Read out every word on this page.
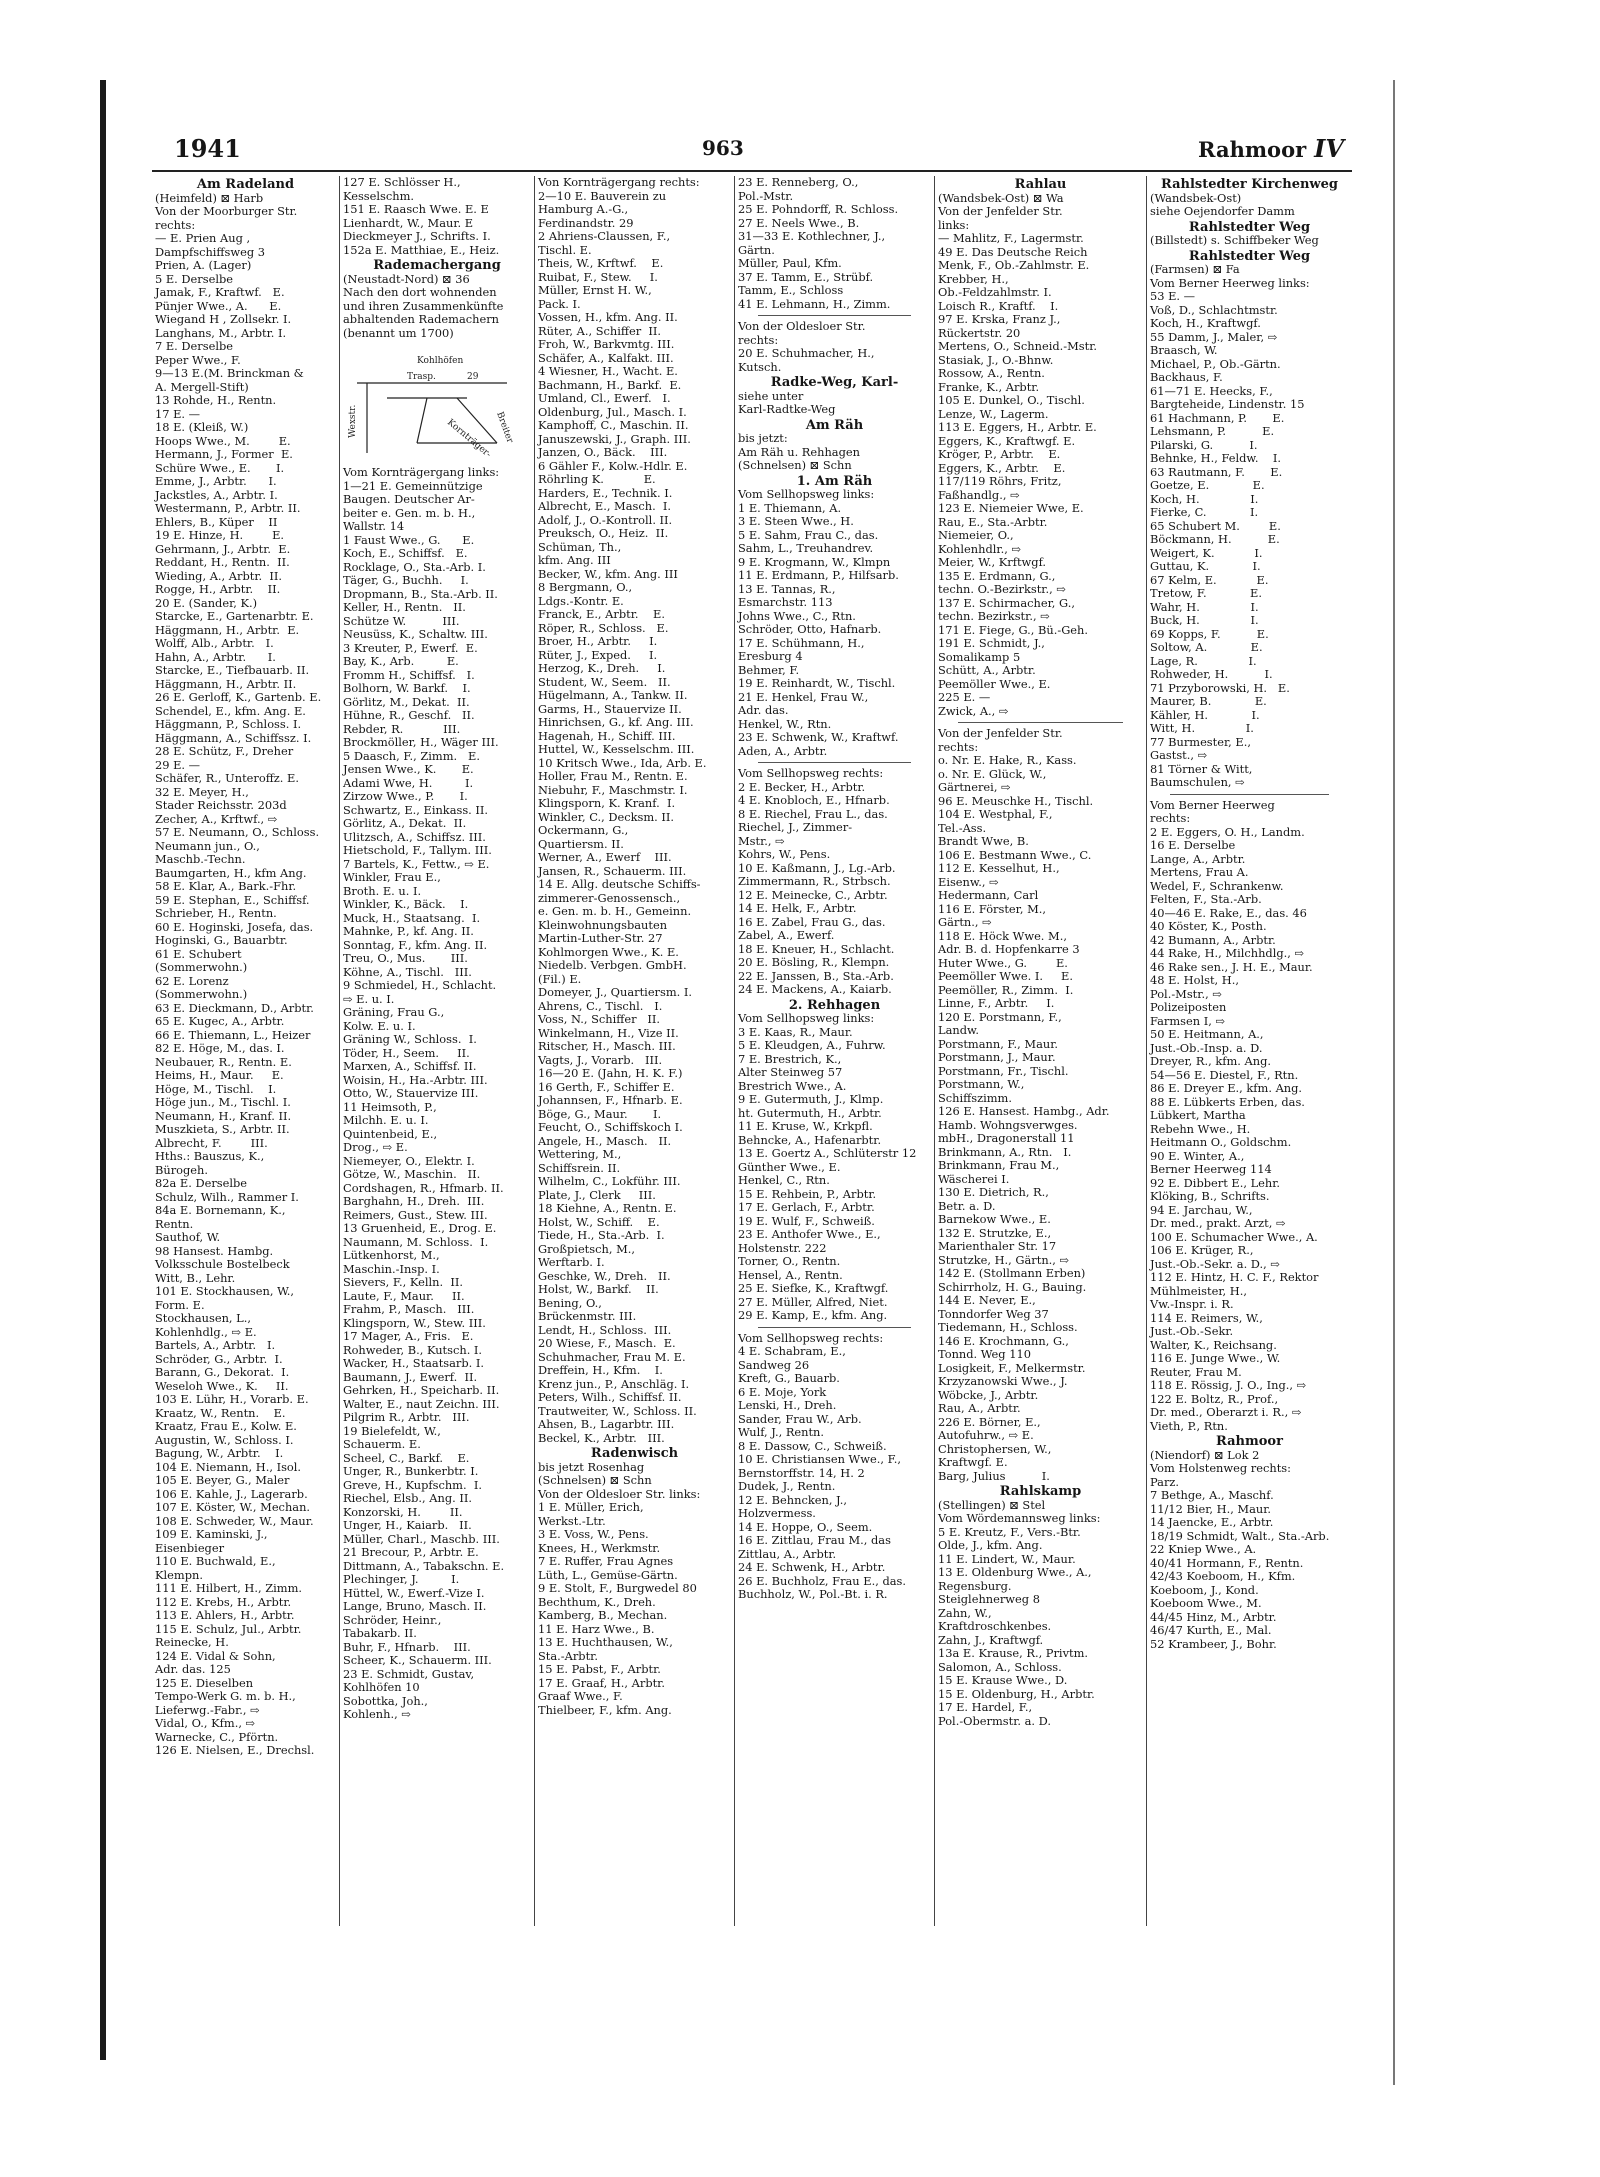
1941	963	Rahmoor IV
Am Radeland
(Heimfeld) ⊠ Harb
Von der Moorburger Str.
rechts:
— E. Prien Aug ,
Dampfschiffsweg 3
Prien, A. (Lager)
5 E. Derselbe
Jamak, F., Kraftwf.   E.
Pünjer Wwe., A.      E.
Wiegand H , Zollsekr. I.
Langhans, M., Arbtr. I.
7 E. Derselbe
Peper Wwe., F.
9—13 E.(M. Brinckman &
A. Mergell-Stift)
13 Rohde, H., Rentn.
17 E. —
18 E. (Kleiß, W.)
Hoops Wwe., M.        E.
Hermann, J., Former  E.
Schüre Wwe., E.       I.
Emme, J., Arbtr.      I.
Jackstles, A., Arbtr. I.
Westermann, P., Arbtr. II.
Ehlers, B., Küper    II
19 E. Hinze, H.        E.
Gehrmann, J., Arbtr.  E.
Reddant, H., Rentn.  II.
Wieding, A., Arbtr.  II.
Rogge, H., Arbtr.    II.
20 E. (Sander, K.)
Starcke, E., Gartenarbtr. E.
Häggmann, H., Arbtr.  E.
Wolff, Alb., Arbtr.   I.
Hahn, A., Arbtr.      I.
Starcke, E., Tiefbauarb. II.
Häggmann, H., Arbtr. II.
26 E. Gerloff, K., Gartenb. E.
Schendel, E., kfm. Ang. E.
Häggmann, P., Schloss. I.
Häggmann, A., Schiffssz. I.
28 E. Schütz, F., Dreher
29 E. —
Schäfer, R., Unteroffz. E.
32 E. Meyer, H.,
Stader Reichsstr. 203d
Zecher, A., Krftwf., ⇨
57 E. Neumann, O., Schloss.
Neumann jun., O.,
Maschb.-Techn.
Baumgarten, H., kfm Ang.
58 E. Klar, A., Bark.-Fhr.
59 E. Stephan, E., Schiffsf.
Schrieber, H., Rentn.
60 E. Hoginski, Josefa, das.
Hoginski, G., Bauarbtr.
61 E. Schubert
(Sommerwohn.)
62 E. Lorenz
(Sommerwohn.)
63 E. Dieckmann, D., Arbtr.
65 E. Kugec, A., Arbtr.
66 E. Thiemann, L., Heizer
82 E. Höge, M., das. I.
Neubauer, R., Rentn. E.
Heims, H., Maur.     E.
Höge, M., Tischl.    I.
Höge jun., M., Tischl. I.
Neumann, H., Kranf. II.
Muszkieta, S., Arbtr. II.
Albrecht, F.        III.
Hths.: Bauszus, K.,
Bürogeh.
82a E. Derselbe
Schulz, Wilh., Rammer I.
84a E. Bornemann, K.,
Rentn.
Sauthof, W.
98 Hansest. Hambg.
Volksschule Bostelbeck
Witt, B., Lehr.
101 E. Stockhausen, W.,
Form. E.
Stockhausen, L.,
Kohlenhdlg., ⇨ E.
Bartels, A., Arbtr.   I.
Schröder, G., Arbtr.  I.
Barann, G., Dekorat.  I.
Weseloh Wwe., K.     II.
103 E. Lühr, H., Vorarb. E.
Kraatz, W., Rentn.    E.
Kraatz, Frau E., Kolw. E.
Augustin, W., Schloss. I.
Bagung, W., Arbtr.    I.
104 E. Niemann, H., Isol.
105 E. Beyer, G., Maler
106 E. Kahle, J., Lagerarb.
107 E. Köster, W., Mechan.
108 E. Schweder, W., Maur.
109 E. Kaminski, J.,
Eisenbieger
110 E. Buchwald, E.,
Klempn.
111 E. Hilbert, H., Zimm.
112 E. Krebs, H., Arbtr.
113 E. Ahlers, H., Arbtr.
115 E. Schulz, Jul., Arbtr.
Reinecke, H.
124 E. Vidal & Sohn,
Adr. das. 125
125 E. Dieselben
Tempo-Werk G. m. b. H.,
Lieferwg.-Fabr., ⇨
Vidal, O., Kfm., ⇨
Warnecke, C., Pförtn.
126 E. Nielsen, E., Drechsl.
127 E. Schlösser H.,
Kesselschm.
151 E. Raasch Wwe. E. E
Lienhardt, W., Maur. E
Dieckmeyer J., Schrifts. I.
152a E. Matthiae, E., Heiz.
Rademachergang
(Neustadt-Nord) ⊠ 36
Nach den dort wohnenden
und ihren Zusammenkünfte
abhaltenden Rademachern
(benannt um 1700)
Kohlhöfen
Trasp.	29
Kornträger-
Wexstr.	Breiter
Vom Kornträgergang links:
1—21 E. Gemeinnützige
Baugen. Deutscher Ar-
beiter e. Gen. m. b. H.,
Wallstr. 14
1 Faust Wwe., G.      E.
Koch, E., Schiffsf.   E.
Rocklage, O., Sta.-Arb. I.
Täger, G., Buchh.     I.
Dropmann, B., Sta.-Arb. II.
Keller, H., Rentn.   II.
Schütze W.          III.
Neusüss, K., Schaltw. III.
3 Kreuter, P., Ewerf.  E.
Bay, K., Arb.         E.
Fromm H., Schiffsf.   I.
Bolhorn, W. Barkf.    I.
Görlitz, M., Dekat.  II.
Hühne, R., Geschf.   II.
Rebder, R.           III.
Brockmöller, H., Wäger III.
5 Daasch, F., Zimm.   E.
Jensen Wwe., K.       E.
Adami Wwe, H.         I.
Zirzow Wwe., P.       I.
Schwartz, E., Einkass. II.
Görlitz, A., Dekat.  II.
Ulitzsch, A., Schiffsz. III.
Hietschold, F., Tallym. III.
7 Bartels, K., Fettw., ⇨ E.
Winkler, Frau E.,
Broth. E. u. I.
Winkler, K., Bäck.    I.
Muck, H., Staatsang.  I.
Mahnke, P., kf. Ang. II.
Sonntag, F., kfm. Ang. II.
Treu, O., Mus.       III.
Köhne, A., Tischl.   III.
9 Schmiedel, H., Schlacht.
⇨ E. u. I.
Gräning, Frau G.,
Kolw. E. u. I.
Gräning W., Schloss.  I.
Töder, H., Seem.     II.
Marxen, A., Schiffsf. II.
Woisin, H., Ha.-Arbtr. III.
Otto, W., Stauervize III.
11 Heimsoth, P.,
Milchh. E. u. I.
Quintenbeid, E.,
Drog., ⇨ E.
Niemeyer, O., Elektr. I.
Götze, W., Maschin.   II.
Cordshagen, R., Hfmarb. II.
Barghahn, H., Dreh.  III.
Reimers, Gust., Stew. III.
13 Gruenheid, E., Drog. E.
Naumann, M. Schloss.  I.
Lütkenhorst, M.,
Maschin.-Insp. I.
Sievers, F., Kelln.  II.
Laute, F., Maur.     II.
Frahm, P., Masch.   III.
Klingsporn, W., Stew. III.
17 Mager, A., Fris.   E.
Rohweder, B., Kutsch. I.
Wacker, H., Staatsarb. I.
Baumann, J., Ewerf.  II.
Gehrken, H., Speicharb. II.
Walter, E., naut Zeichn. III.
Pilgrim R., Arbtr.   III.
19 Bielefeldt, W.,
Schauerm. E.
Scheel, C., Barkf.    E.
Unger, R., Bunkerbtr. I.
Greve, H., Kupfschm.  I.
Riechel, Elsb., Ang. II.
Konzorski, H.        II.
Unger, H., Kaiarb.   II.
Müller, Charl., Maschb. III.
21 Brecour, P., Arbtr. E.
Dittmann, A., Tabakschn. E.
Plechinger, J.         I.
Hüttel, W., Ewerf.-Vize I.
Lange, Bruno, Masch. II.
Schröder, Heinr.,
Tabakarb. II.
Buhr, F., Hfnarb.    III.
Scheer, K., Schauerm. III.
23 E. Schmidt, Gustav,
Kohlhöfen 10
Sobottka, Joh.,
Kohlenh., ⇨
Von Kornträgergang rechts:
2—10 E. Bauverein zu
Hamburg A.-G.,
Ferdinandstr. 29
2 Ahriens-Claussen, F.,
Tischl. E.
Theis, W., Krftwf.    E.
Ruibat, F., Stew.     I.
Müller, Ernst H. W.,
Pack. I.
Vossen, H., kfm. Ang. II.
Rüter, A., Schiffer  II.
Froh, W., Barkvmtg. III.
Schäfer, A., Kalfakt. III.
4 Wiesner, H., Wacht. E.
Bachmann, H., Barkf.  E.
Umland, Cl., Ewerf.   I.
Oldenburg, Jul., Masch. I.
Kamphoff, C., Maschin. II.
Januszewski, J., Graph. III.
Janzen, O., Bäck.    III.
6 Gähler F., Kolw.-Hdlr. E.
Röhrling K.           E.
Harders, E., Technik. I.
Albrecht, E., Masch.  I.
Adolf, J., O.-Kontroll. II.
Preuksch, O., Heiz.  II.
Schüman, Th.,
kfm. Ang. III
Becker, W., kfm. Ang. III
8 Bergmann, O.,
Ldgs.-Kontr. E.
Franck, E., Arbtr.    E.
Röper, R., Schloss.   E.
Broer, H., Arbtr.     I.
Rüter, J., Exped.     I.
Herzog, K., Dreh.     I.
Student, W., Seem.   II.
Hügelmann, A., Tankw. II.
Garms, H., Stauervize II.
Hinrichsen, G., kf. Ang. III.
Hagenah, H., Schiff. III.
Huttel, W., Kesselschm. III.
10 Kritsch Wwe., Ida, Arb. E.
Holler, Frau M., Rentn. E.
Niebuhr, F., Maschmstr. I.
Klingsporn, K. Kranf.  I.
Winkler, C., Decksm. II.
Ockermann, G.,
Quartiersm. II.
Werner, A., Ewerf    III.
Jansen, R., Schauerm. III.
14 E. Allg. deutsche Schiffs-
zimmerer-Genossensch.,
e. Gen. m. b. H., Gemeinn.
Kleinwohnungsbauten
Martin-Luther-Str. 27
Kohlmorgen Wwe., K. E.
Niedelb. Verbgen. GmbH.
(Fil.) E.
Domeyer, J., Quartiersm. I.
Ahrens, C., Tischl.   I.
Voss, N., Schiffer   II.
Winkelmann, H., Vize II.
Ritscher, H., Masch. III.
Vagts, J., Vorarb.   III.
16—20 E. (Jahn, H. K. F.)
16 Gerth, F., Schiffer E.
Johannsen, F., Hfnarb. E.
Böge, G., Maur.       I.
Feucht, O., Schiffskoch I.
Angele, H., Masch.   II.
Wettering, M.,
Schiffsrein. II.
Wilhelm, C., Lokführ. III.
Plate, J., Clerk     III.
18 Kiehne, A., Rentn. E.
Holst, W., Schiff.    E.
Tiede, H., Sta.-Arb.  I.
Großpietsch, M.,
Werftarb. I.
Geschke, W., Dreh.   II.
Holst, W., Barkf.    II.
Bening, O.,
Brückenmstr. III.
Lendt, H., Schloss.  III.
20 Wiese, F., Masch.  E.
Schuhmacher, Frau M. E.
Dreffein, H., Kfm.    I.
Krenz jun., P., Anschläg. I.
Peters, Wilh., Schiffsf. II.
Trautweiter, W., Schloss. II.
Ahsen, B., Lagarbtr. III.
Beckel, K., Arbtr.   III.
Radenwisch
bis jetzt Rosenhag
(Schnelsen) ⊠ Schn
Von der Oldesloer Str. links:
1 E. Müller, Erich,
Werkst.-Ltr.
3 E. Voss, W., Pens.
Knees, H., Werkmstr.
7 E. Ruffer, Frau Agnes
Lüth, L., Gemüse-Gärtn.
9 E. Stolt, F., Burgwedel 80
Bechthum, K., Dreh.
Kamberg, B., Mechan.
11 E. Harz Wwe., B.
13 E. Huchthausen, W.,
Sta.-Arbtr.
15 E. Pabst, F., Arbtr.
17 E. Graaf, H., Arbtr.
Graaf Wwe., F.
Thielbeer, F., kfm. Ang.
23 E. Renneberg, O.,
Pol.-Mstr.
25 E. Pohndorff, R. Schloss.
27 E. Neels Wwe., B.
31—33 E. Kothlechner, J.,
Gärtn.
Müller, Paul, Kfm.
37 E. Tamm, E., Strübf.
Tamm, E., Schloss
41 E. Lehmann, H., Zimm.
Von der Oldesloer Str.
rechts:
20 E. Schuhmacher, H.,
Kutsch.
Radke-Weg, Karl-
siehe unter
Karl-Radtke-Weg
Am Räh
bis jetzt:
Am Räh u. Rehhagen
(Schnelsen) ⊠ Schn
1. Am Räh
Vom Sellhopsweg links:
1 E. Thiemann, A.
3 E. Steen Wwe., H.
5 E. Sahm, Frau C., das.
Sahm, L., Treuhandrev.
9 E. Krogmann, W., Klmpn
11 E. Erdmann, P., Hilfsarb.
13 E. Tannas, R.,
Esmarchstr. 113
Johns Wwe., C., Rtn.
Schröder, Otto, Hafnarb.
17 E. Schühmann, H.,
Eresburg 4
Behmer, F.
19 E. Reinhardt, W., Tischl.
21 E. Henkel, Frau W.,
Adr. das.
Henkel, W., Rtn.
23 E. Schwenk, W., Kraftwf.
Aden, A., Arbtr.
Vom Sellhopsweg rechts:
2 E. Becker, H., Arbtr.
4 E. Knobloch, E., Hfnarb.
8 E. Riechel, Frau L., das.
Riechel, J., Zimmer-
Mstr., ⇨
Kohrs, W., Pens.
10 E. Kaßmann, J., Lg.-Arb.
Zimmermann, R., Strbsch.
12 E. Meinecke, C., Arbtr.
14 E. Helk, F., Arbtr.
16 E. Zabel, Frau G., das.
Zabel, A., Ewerf.
18 E. Kneuer, H., Schlacht.
20 E. Bösling, R., Klempn.
22 E. Janssen, B., Sta.-Arb.
24 E. Mackens, A., Kaiarb.
2. Rehhagen
Vom Sellhopsweg links:
3 E. Kaas, R., Maur.
5 E. Kleudgen, A., Fuhrw.
7 E. Brestrich, K.,
Alter Steinweg 57
Brestrich Wwe., A.
9 E. Gutermuth, J., Klmp.
ht. Gutermuth, H., Arbtr.
11 E. Kruse, W., Krkpfl.
Behncke, A., Hafenarbtr.
13 E. Goertz A., Schlüterstr 12
Günther Wwe., E.
Henkel, C., Rtn.
15 E. Rehbein, P., Arbtr.
17 E. Gerlach, F., Arbtr.
19 E. Wulf, F., Schweiß.
23 E. Anthofer Wwe., E.,
Holstenstr. 222
Torner, O., Rentn.
Hensel, A., Rentn.
25 E. Siefke, K., Kraftwgf.
27 E. Müller, Alfred, Niet.
29 E. Kamp, E., kfm. Ang.
Vom Sellhopsweg rechts:
4 E. Schabram, E.,
Sandweg 26
Kreft, G., Bauarb.
6 E. Moje, York
Lenski, H., Dreh.
Sander, Frau W., Arb.
Wulf, J., Rentn.
8 E. Dassow, C., Schweiß.
10 E. Christiansen Wwe., F.,
Bernstorffstr. 14, H. 2
Dudek, J., Rentn.
12 E. Behncken, J.,
Holzvermess.
14 E. Hoppe, O., Seem.
16 E. Zittlau, Frau M., das
Zittlau, A., Arbtr.
24 E. Schwenk, H., Arbtr.
26 E. Buchholz, Frau E., das.
Buchholz, W., Pol.-Bt. i. R.
Rahlau
(Wandsbek-Ost) ⊠ Wa
Von der Jenfelder Str.
links:
— Mahlitz, F., Lagermstr.
49 E. Das Deutsche Reich
Menk, F., Ob.-Zahlmstr. E.
Krebber, H.,
Ob.-Feldzahlmstr. I.
Loisch R., Kraftf.    I.
97 E. Krska, Franz J.,
Rückertstr. 20
Mertens, O., Schneid.-Mstr.
Stasiak, J., O.-Bhnw.
Rossow, A., Rentn.
Franke, K., Arbtr.
105 E. Dunkel, O., Tischl.
Lenze, W., Lagerm.
113 E. Eggers, H., Arbtr. E.
Eggers, K., Kraftwgf. E.
Kröger, P., Arbtr.    E.
Eggers, K., Arbtr.    E.
117/119 Röhrs, Fritz,
Faßhandlg., ⇨
123 E. Niemeier Wwe, E.
Rau, E., Sta.-Arbtr.
Niemeier, O.,
Kohlenhdlr., ⇨
Meier, W., Krftwgf.
135 E. Erdmann, G.,
techn. O.-Bezirkstr., ⇨
137 E. Schirmacher, G.,
techn. Bezirkstr., ⇨
171 E. Fiege, G., Bü.-Geh.
191 E. Schmidt, J.,
Somalikamp 5
Schütt, A., Arbtr.
Peemöller Wwe., E.
225 E. —
Zwick, A., ⇨
Von der Jenfelder Str.
rechts:
o. Nr. E. Hake, R., Kass.
o. Nr. E. Glück, W.,
Gärtnerei, ⇨
96 E. Meuschke H., Tischl.
104 E. Westphal, F.,
Tel.-Ass.
Brandt Wwe, B.
106 E. Bestmann Wwe., C.
112 E. Kesselhut, H.,
Eisenw., ⇨
Hedermann, Carl
116 E. Förster, M.,
Gärtn., ⇨
118 E. Höck Wwe. M.,
Adr. B. d. Hopfenkarre 3
Huter Wwe., G.        E.
Peemöller Wwe. I.     E.
Peemöller, R., Zimm.  I.
Linne, F., Arbtr.     I.
120 E. Porstmann, F.,
Landw.
Porstmann, F., Maur.
Porstmann, J., Maur.
Porstmann, Fr., Tischl.
Porstmann, W.,
Schiffszimm.
126 E. Hansest. Hambg., Adr.
Hamb. Wohngsverwges.
mbH., Dragonerstall 11
Brinkmann, A., Rtn.   I.
Brinkmann, Frau M.,
Wäscherei I.
130 E. Dietrich, R.,
Betr. a. D.
Barnekow Wwe., E.
132 E. Strutzke, E.,
Marienthaler Str. 17
Strutzke, H., Gärtn., ⇨
142 E. (Stollmann Erben)
Schirrholz, H. G., Bauing.
144 E. Never, E.,
Tonndorfer Weg 37
Tiedemann, H., Schloss.
146 E. Krochmann, G.,
Tonnd. Weg 110
Losigkeit, F., Melkermstr.
Krzyzanowski Wwe., J.
Wöbcke, J., Arbtr.
Rau, A., Arbtr.
226 E. Börner, E.,
Autofuhrw., ⇨ E.
Christophersen, W.,
Kraftwgf. E.
Barg, Julius          I.
Rahlskamp
(Stellingen) ⊠ Stel
Vom Wördemannsweg links:
5 E. Kreutz, F., Vers.-Btr.
Olde, J., kfm. Ang.
11 E. Lindert, W., Maur.
13 E. Oldenburg Wwe., A.,
Regensburg.
Steiglehnerweg 8
Zahn, W.,
Kraftdroschkenbes.
Zahn, J., Kraftwgf.
13a E. Krause, R., Privtm.
Salomon, A., Schloss.
15 E. Krause Wwe., D.
15 E. Oldenburg, H., Arbtr.
17 E. Hardel, F.,
Pol.-Obermstr. a. D.
Rahlstedter Kirchenweg
(Wandsbek-Ost)
siehe Oejendorfer Damm
Rahlstedter Weg
(Billstedt) s. Schiffbeker Weg
Rahlstedter Weg
(Farmsen) ⊠ Fa
Vom Berner Heerweg links:
53 E. —
Voß, D., Schlachtmstr.
Koch, H., Kraftwgf.
55 Damm, J., Maler, ⇨
Braasch, W.
Michael, P., Ob.-Gärtn.
Backhaus, F.
61—71 E. Heecks, F.,
Bargteheide, Lindenstr. 15
61 Hachmann, P.       E.
Lehsmann, P.          E.
Pilarski, G.          I.
Behnke, H., Feldw.    I.
63 Rautmann, F.       E.
Goetze, E.            E.
Koch, H.              I.
Fierke, C.            I.
65 Schubert M.        E.
Böckmann, H.          E.
Weigert, K.           I.
Guttau, K.            I.
67 Kelm, E.           E.
Tretow, F.            E.
Wahr, H.              I.
Buck, H.              I.
69 Kopps, F.          E.
Soltow, A.            E.
Lage, R.              I.
Rohweder, H.          I.
71 Przyborowski, H.   E.
Maurer, B.            E.
Kähler, H.            I.
Witt, H.              I.
77 Burmester, E.,
Gastst., ⇨
81 Törner & Witt,
Baumschulen, ⇨
Vom Berner Heerweg
rechts:
2 E. Eggers, O. H., Landm.
16 E. Derselbe
Lange, A., Arbtr.
Mertens, Frau A.
Wedel, F., Schrankenw.
Felten, F., Sta.-Arb.
40—46 E. Rake, E., das. 46
40 Köster, K., Posth.
42 Bumann, A., Arbtr.
44 Rake, H., Milchhdlg., ⇨
46 Rake sen., J. H. E., Maur.
48 E. Holst, H.,
Pol.-Mstr., ⇨
Polizeiposten
Farmsen I, ⇨
50 E. Heitmann, A.,
Just.-Ob.-Insp. a. D.
Dreyer, R., kfm. Ang.
54—56 E. Diestel, F., Rtn.
86 E. Dreyer E., kfm. Ang.
88 E. Lübkerts Erben, das.
Lübkert, Martha
Rebehn Wwe., H.
Heitmann O., Goldschm.
90 E. Winter, A.,
Berner Heerweg 114
92 E. Dibbert E., Lehr.
Klöking, B., Schrifts.
94 E. Jarchau, W.,
Dr. med., prakt. Arzt, ⇨
100 E. Schumacher Wwe., A.
106 E. Krüger, R.,
Just.-Ob.-Sekr. a. D., ⇨
112 E. Hintz, H. C. F., Rektor
Mühlmeister, H.,
Vw.-Inspr. i. R.
114 E. Reimers, W.,
Just.-Ob.-Sekr.
Walter, K., Reichsang.
116 E. Junge Wwe., W.
Reuter, Frau M.
118 E. Rössig, J. O., Ing., ⇨
122 E. Boltz, R., Prof.,
Dr. med., Oberarzt i. R., ⇨
Vieth, P., Rtn.
Rahmoor
(Niendorf) ⊠ Lok 2
Vom Holstenweg rechts:
Parz.
7 Bethge, A., Maschf.
11/12 Bier, H., Maur.
14 Jaencke, E., Arbtr.
18/19 Schmidt, Walt., Sta.-Arb.
22 Kniep Wwe., A.
40/41 Hormann, F., Rentn.
42/43 Koeboom, H., Kfm.
Koeboom, J., Kond.
Koeboom Wwe., M.
44/45 Hinz, M., Arbtr.
46/47 Kurth, E., Mal.
52 Krambeer, J., Bohr.
